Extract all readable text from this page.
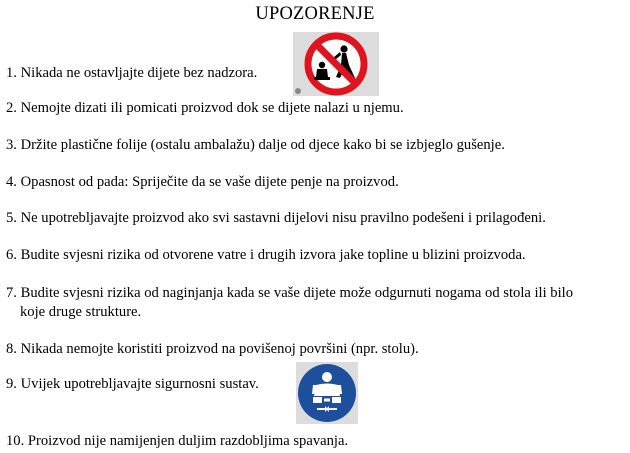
UPOZORENJE
1. Nikada ne ostavljajte dijete bez nadzora.
2. Nemojte dizati ili pomicati proizvod dok se dijete nalazi u njemu.
3. Držite plastične folije (ostalu ambalažu) dalje od djece kako bi se izbjeglo gušenje.
4. Opasnost od pada: Spriječite da se vaše dijete penje na proizvod.
5. Ne upotrebljavajte proizvod ako svi sastavni dijelovi nisu pravilno podešeni i prilagođeni.
6. Budite svjesni rizika od otvorene vatre i drugih izvora jake topline u blizini proizvoda.
7. Budite svjesni rizika od naginjanja kada se vaše dijete može odgurnuti nogama od stola ili bilo
koje druge strukture.
8. Nikada nemojte koristiti proizvod na povišenoj površini (npr. stolu).
9. Uvijek upotrebljavajte sigurnosni sustav.
10. Proizvod nije namijenjen duljim razdobljima spavanja.
